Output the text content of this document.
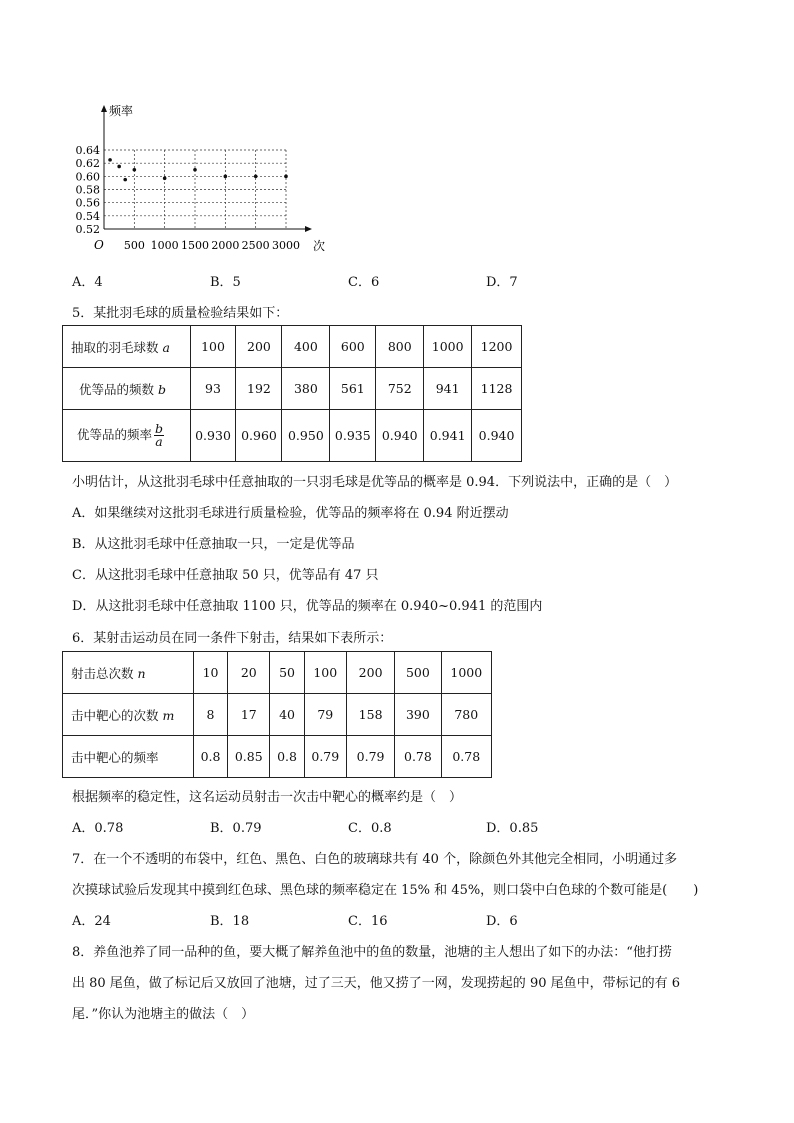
0.52
0.54
0.56
0.58
0.60
0.62
0.64
500 1000 1500 2000 2500 3000
频率
次
O
A．4	B．5	C．6	D．7
5．某批羽毛球的质量检验结果如下：
抽取的羽毛球数 a	100	200	400	600	800	1000	1200
优等品的频数 b	93	192	380	561	752	941	1128
优等品的频率 $\frac{b}{a}$	0.930	0.960	0.950	0.935	0.940	0.941	0.940
小明估计，从这批羽毛球中任意抽取的一只羽毛球是优等品的概率是 0.94．下列说法中，正确的是（　）
A．如果继续对这批羽毛球进行质量检验，优等品的频率将在 0.94 附近摆动
B．从这批羽毛球中任意抽取一只，一定是优等品
C．从这批羽毛球中任意抽取 50 只，优等品有 47 只
D．从这批羽毛球中任意抽取 1100 只，优等品的频率在 0.940~0.941 的范围内
6．某射击运动员在同一条件下射击，结果如下表所示：
射击总次数 n	10	20	50	100	200	500	1000
击中靶心的次数 m	8	17	40	79	158	390	780
击中靶心的频率	0.8	0.85	0.8	0.79	0.79	0.78	0.78
根据频率的稳定性，这名运动员射击一次击中靶心的概率约是（　）
A．0.78	B．0.79	C．0.8	D．0.85
7．在一个不透明的布袋中，红色、黑色、白色的玻璃球共有 40 个，除颜色外其他完全相同，小明通过多
次摸球试验后发现其中摸到红色球、黑色球的频率稳定在 15% 和 45%，则口袋中白色球的个数可能是(　　)
A．24	B．18	C．16	D．6
8．养鱼池养了同一品种的鱼，要大概了解养鱼池中的鱼的数量，池塘的主人想出了如下的办法：“他打捞
出 80 尾鱼，做了标记后又放回了池塘，过了三天，他又捞了一网，发现捞起的 90 尾鱼中，带标记的有 6
尾．”你认为池塘主的做法（　）
